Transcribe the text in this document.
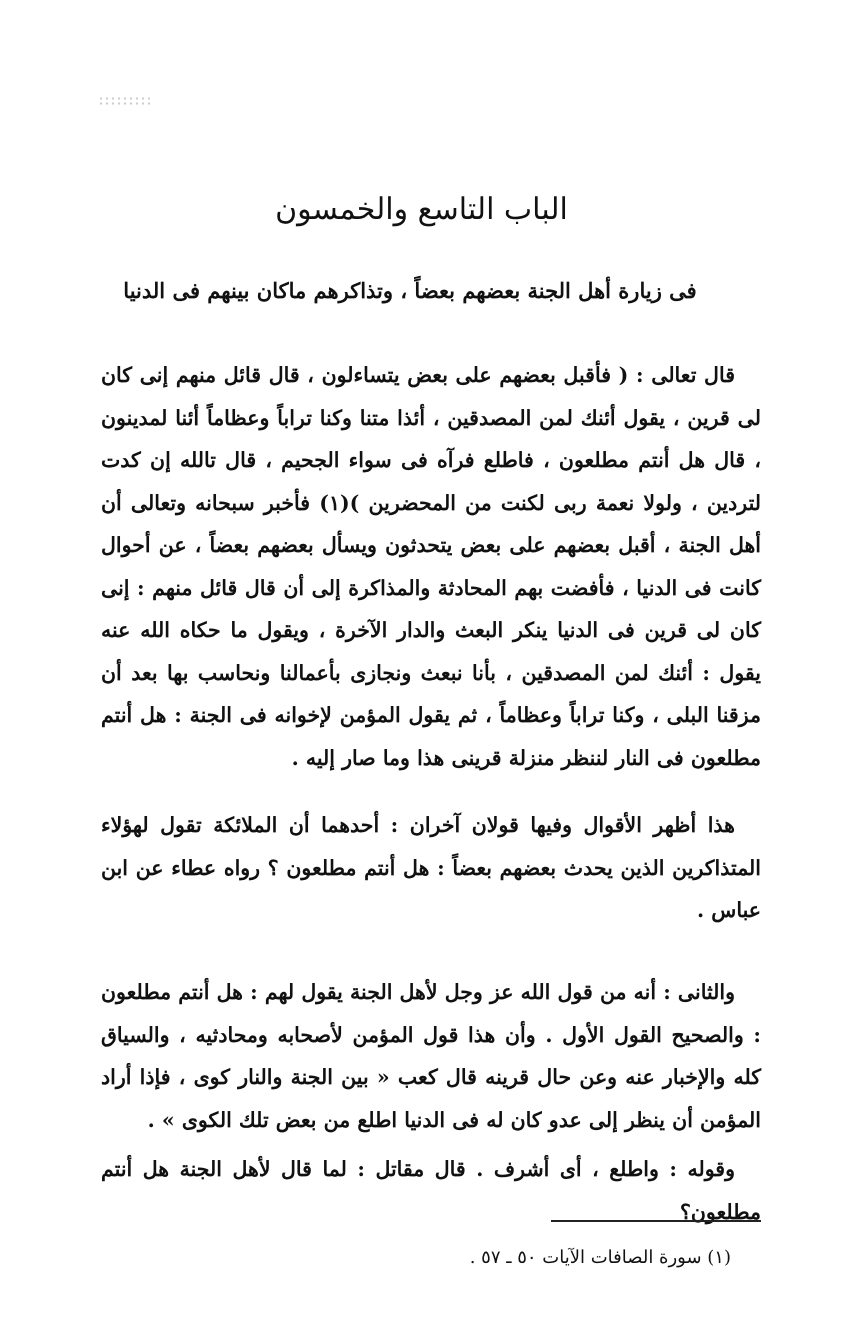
الباب التاسع والخمسون
فى زيارة أهل الجنة بعضهم بعضاً ، وتذاكرهم ماكان بينهم فى الدنيا

قال تعالى : ( فأقبل بعضهم على بعض يتساءلون ، قال قائل منهم إنى كان لى قرين ، يقول أئنك لمن المصدقين ، أئذا متنا وكنا تراباً وعظاماً أئنا لمدينون ، قال هل أنتم مطلعون ، فاطلع فرآه فى سواء الجحيم ، قال تالله إن كدت لتردين ، ولولا نعمة ربى لكنت من المحضرين )(١) فأخبر سبحانه وتعالى أن أهل الجنة ، أقبل بعضهم على بعض يتحدثون ويسأل بعضهم بعضاً ، عن أحوال كانت فى الدنيا ، فأفضت بهم المحادثة والمذاكرة إلى أن قال قائل منهم : إنى كان لى قرين فى الدنيا ينكر البعث والدار الآخرة ، ويقول ما حكاه الله عنه يقول : أئنك لمن المصدقين ، بأنا نبعث ونجازى بأعمالنا ونحاسب بها بعد أن مزقنا البلى ، وكنا تراباً وعظاماً ، ثم يقول المؤمن لإخوانه فى الجنة : هل أنتم مطلعون فى النار لننظر منزلة قرينى هذا وما صار إليه .

هذا أظهر الأقوال وفيها قولان آخران : أحدهما أن الملائكة تقول لهؤلاء المتذاكرين الذين يحدث بعضهم بعضاً : هل أنتم مطلعون ؟ رواه عطاء عن ابن عباس .

والثانى : أنه من قول الله عز وجل لأهل الجنة يقول لهم : هل أنتم مطلعون : والصحيح القول الأول . وأن هذا قول المؤمن لأصحابه ومحادثيه ، والسياق كله والإخبار عنه وعن حال قرينه قال كعب « بين الجنة والنار كوى ، فإذا أراد المؤمن أن ينظر إلى عدو كان له فى الدنيا اطلع من بعض تلك الكوى » .

وقوله : واطلع ، أى أشرف . قال مقاتل : لما قال لأهل الجنة هل أنتم مطلعون؟

(١) سورة الصافات الآيات ٥٠ ـ ٥٧ .
